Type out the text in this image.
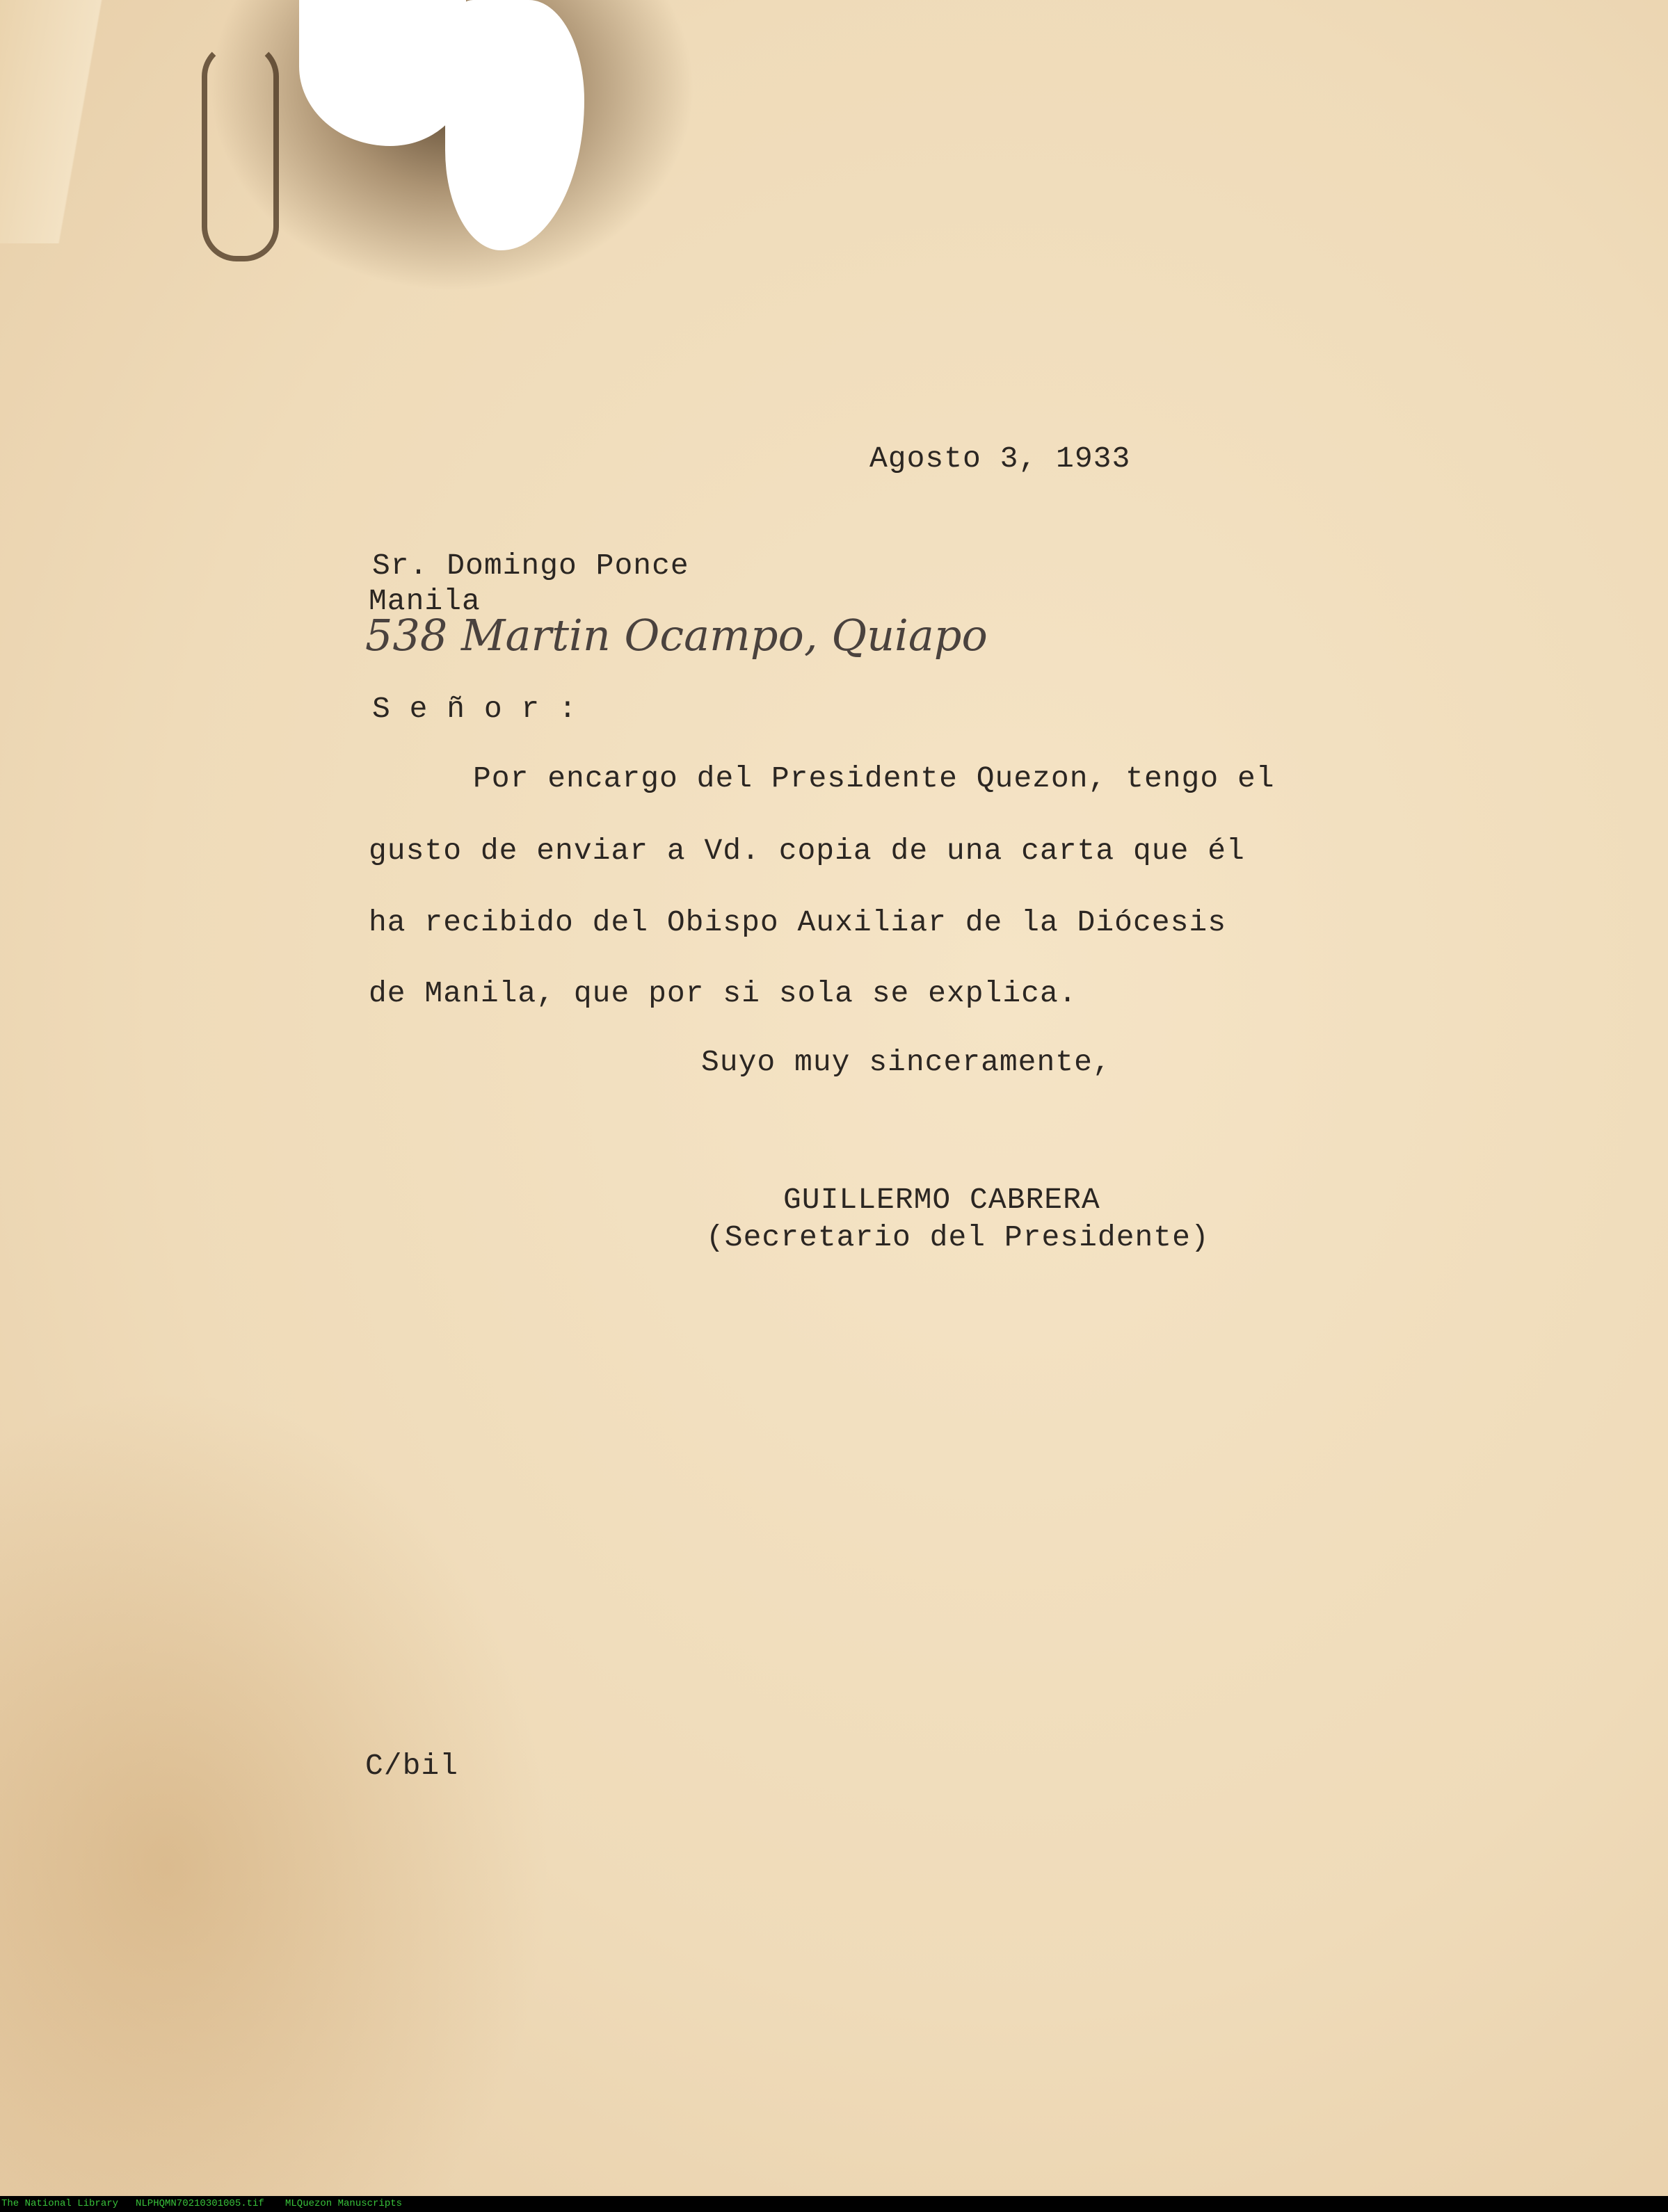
Agosto 3, 1933
Sr. Domingo Ponce
Manila
538 Martin Ocampo, Quiapo
S e ñ o r :
Por encargo del Presidente Quezon, tengo el
gusto de enviar a Vd. copia de una carta que él
ha recibido del Obispo Auxiliar de la Diócesis
de Manila, que por si sola se explica.
Suyo muy sinceramente,
GUILLERMO CABRERA
(Secretario del Presidente)
C/bil
The National Library NLPHQMN70210301005.tif MLQuezon Manuscripts
